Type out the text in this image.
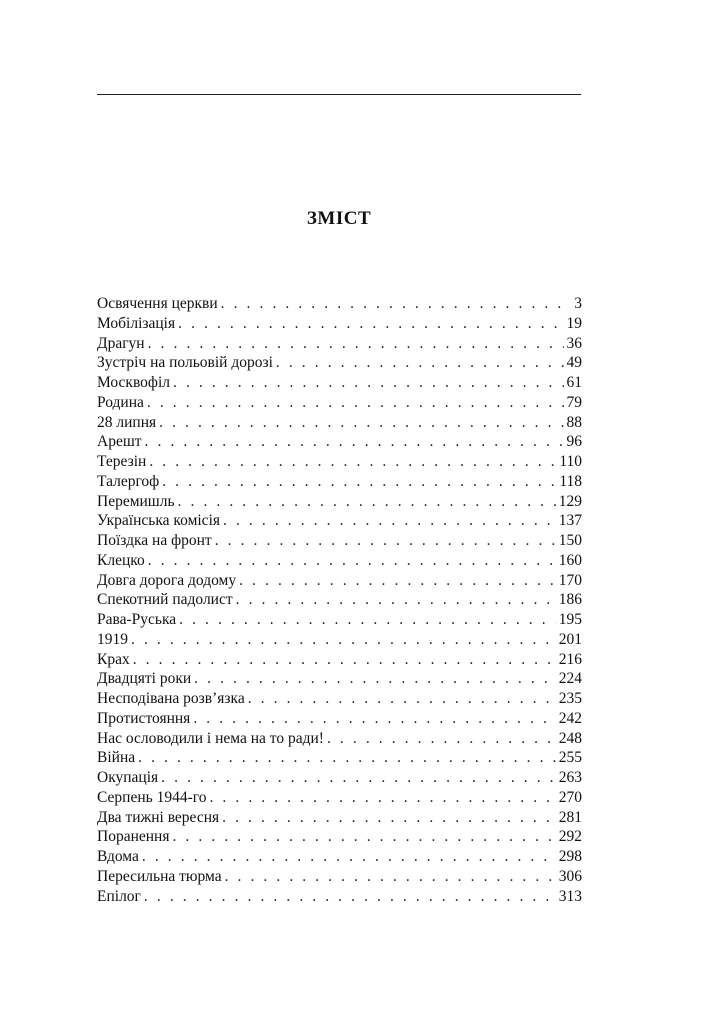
ЗМІСТ
Освячення церкви . . .	3
Мобілізація . . .	19
Драгун . . .	36
Зустріч на польовій дорозі . . .	49
Москвофіл . . .	61
Родина . . .	79
28 липня . . .	88
Арешт . . .	96
Терезін . . .	110
Талергоф . . .	118
Перемишль . . .	129
Українська комісія . . .	137
Поїздка на фронт . . .	150
Клецко . . .	160
Довга дорога додому . . .	170
Спекотний падолист . . .	186
Рава-Руська . . .	195
1919 . . .	201
Крах . . .	216
Двадцяті роки . . .	224
Несподівана розв’язка . . .	235
Протистояння . . .	242
Нас ословодили і нема на то ради! . . .	248
Війна . . .	255
Окупація . . .	263
Серпень 1944-го . . .	270
Два тижні вересня . . .	281
Поранення . . .	292
Вдома . . .	298
Пересильна тюрма . . .	306
Епілог . . .	313
